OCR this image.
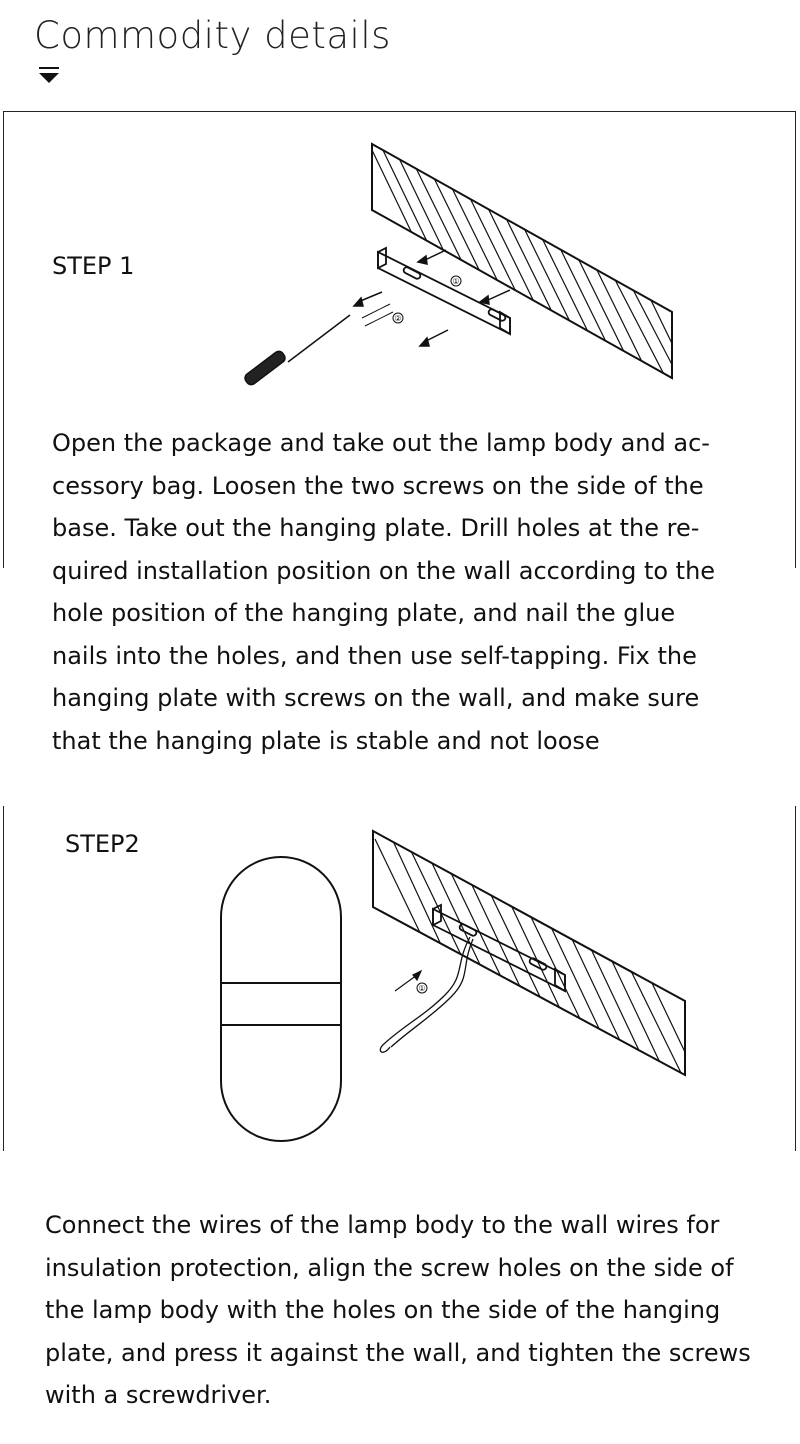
Commodity details
STEP 1
①
②
Open the package and take out the lamp body and ac-
cessory bag. Loosen the two screws on the side of the
base. Take out the hanging plate. Drill holes at the re-
quired installation position on the wall according to the
hole position of the hanging plate, and nail the glue
nails into the holes, and then use self-tapping. Fix the
hanging plate with screws on the wall, and make sure
that the hanging plate is stable and not loose
STEP2
①
Connect the wires of the lamp body to the wall wires for
insulation protection, align the screw holes on the side of
the lamp body with the holes on the side of the hanging
plate, and press it against the wall, and tighten the screws
with a screwdriver.
